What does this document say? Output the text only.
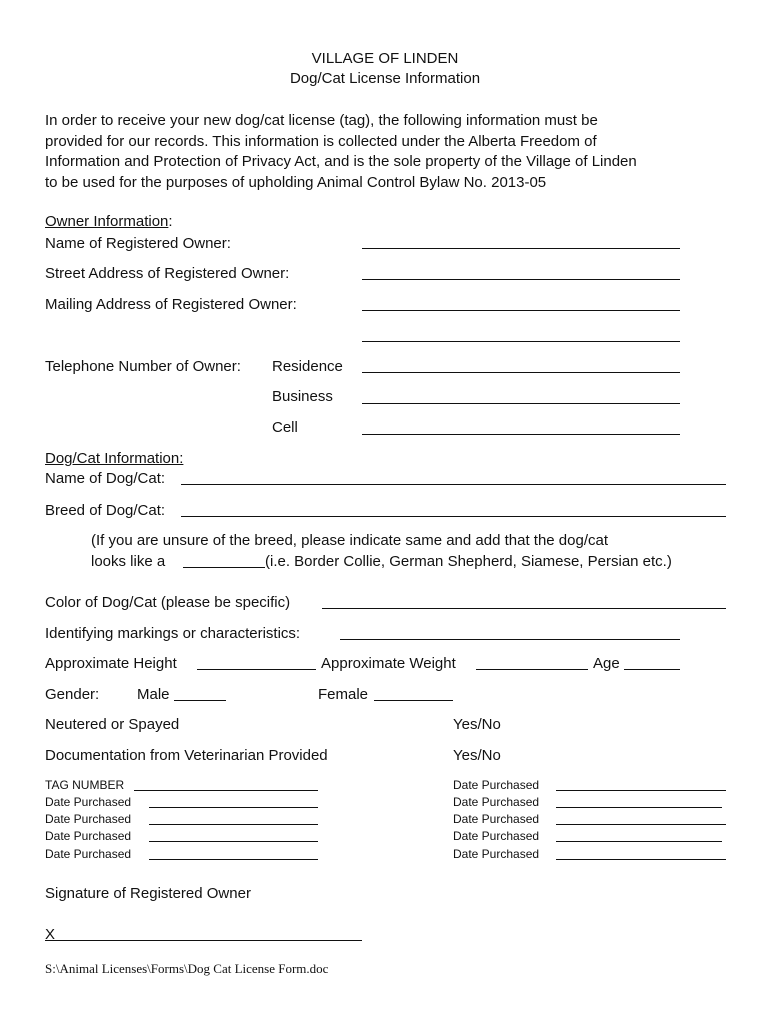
VILLAGE OF LINDEN
Dog/Cat License Information
In order to receive your new dog/cat license (tag), the following information must be
provided for our records. This information is collected under the Alberta Freedom of
Information and Protection of Privacy Act, and is the sole property of the Village of Linden
to be used for the purposes of upholding Animal Control Bylaw No. 2013-05
Owner Information:
Name of Registered Owner:
Street Address of Registered Owner:
Mailing Address of Registered Owner:
Telephone Number of Owner: Residence
Business
Cell
Dog/Cat Information:
Name of Dog/Cat:
Breed of Dog/Cat:
(If you are unsure of the breed, please indicate same and add that the dog/cat
looks like a	(i.e. Border Collie, German Shepherd, Siamese, Persian etc.)
Color of Dog/Cat (please be specific)
Identifying markings or characteristics:
Approximate Height	Approximate Weight	Age
Gender:	Male	Female
Neutered or Spayed	Yes/No
Documentation from Veterinarian Provided	Yes/No
TAG NUMBER
Date Purchased
Date Purchased
Date Purchased
Date Purchased
Date Purchased
Date Purchased
Date Purchased
Date Purchased
Date Purchased
Signature of Registered Owner
X
S:\Animal Licenses\Forms\Dog Cat License Form.doc
